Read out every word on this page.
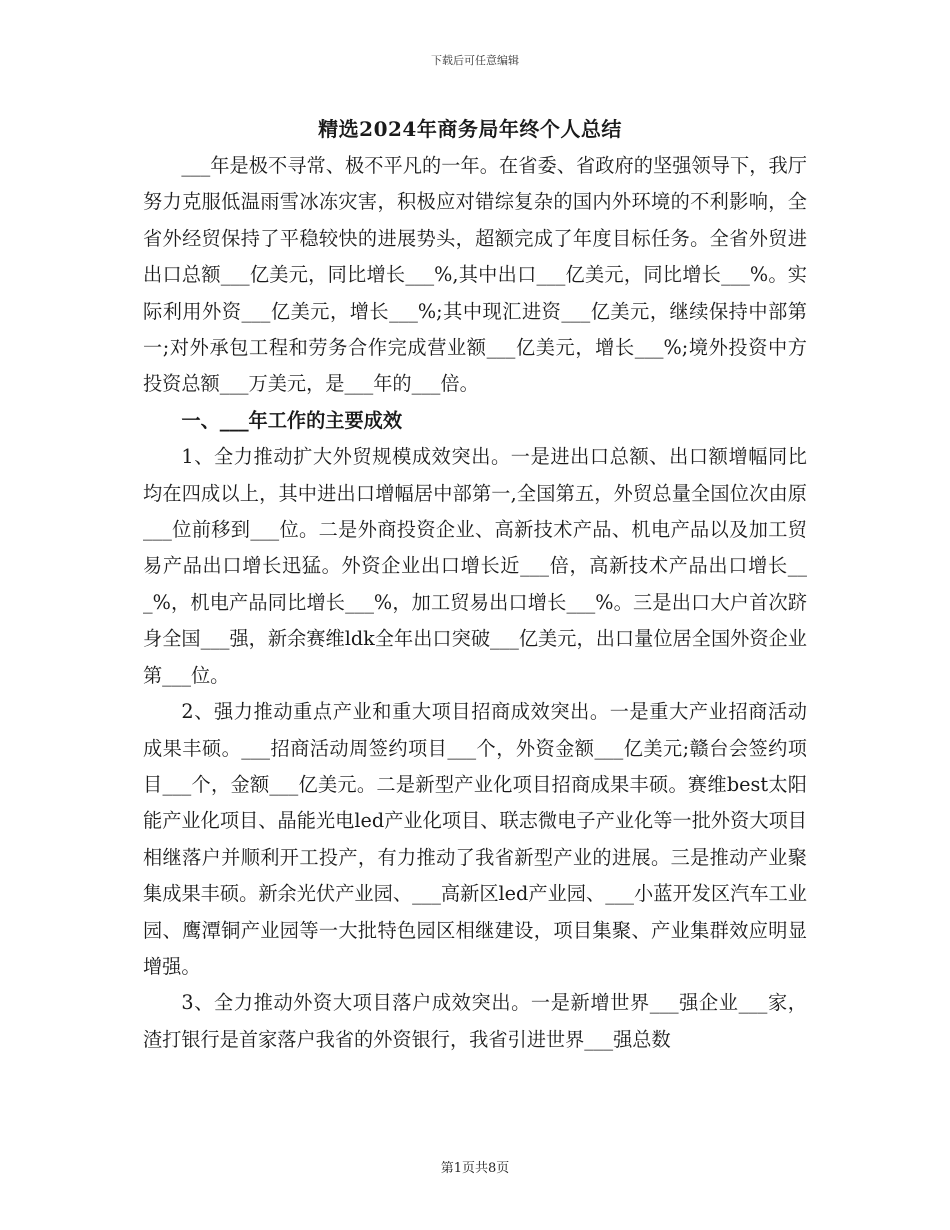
下载后可任意编辑
精选2024年商务局年终个人总结

___年是极不寻常、极不平凡的一年。在省委、省政府的坚强领导下，我厅努力克服低温雨雪冰冻灾害，积极应对错综复杂的国内外环境的不利影响，全省外经贸保持了平稳较快的进展势头，超额完成了年度目标任务。全省外贸进出口总额___亿美元，同比增长___%,其中出口___亿美元，同比增长___%。实际利用外资___亿美元，增长___%;其中现汇进资___亿美元，继续保持中部第一;对外承包工程和劳务合作完成营业额___亿美元，增长___%;境外投资中方投资总额___万美元，是___年的___倍。

一、___年工作的主要成效

1、全力推动扩大外贸规模成效突出。一是进出口总额、出口额增幅同比均在四成以上，其中进出口增幅居中部第一,全国第五，外贸总量全国位次由原___位前移到___位。二是外商投资企业、高新技术产品、机电产品以及加工贸易产品出口增长迅猛。外资企业出口增长近___倍，高新技术产品出口增长___%，机电产品同比增长___%，加工贸易出口增长___%。三是出口大户首次跻身全国___强，新余赛维ldk全年出口突破___亿美元，出口量位居全国外资企业第___位。

2、强力推动重点产业和重大项目招商成效突出。一是重大产业招商活动成果丰硕。___招商活动周签约项目___个，外资金额___亿美元;赣台会签约项目___个，金额___亿美元。二是新型产业化项目招商成果丰硕。赛维best太阳能产业化项目、晶能光电led产业化项目、联志微电子产业化等一批外资大项目相继落户并顺利开工投产，有力推动了我省新型产业的进展。三是推动产业聚集成果丰硕。新余光伏产业园、___高新区led产业园、___小蓝开发区汽车工业园、鹰潭铜产业园等一大批特色园区相继建设，项目集聚、产业集群效应明显增强。

3、全力推动外资大项目落户成效突出。一是新增世界___强企业___家，渣打银行是首家落户我省的外资银行，我省引进世界___强总数

第1页共8页
